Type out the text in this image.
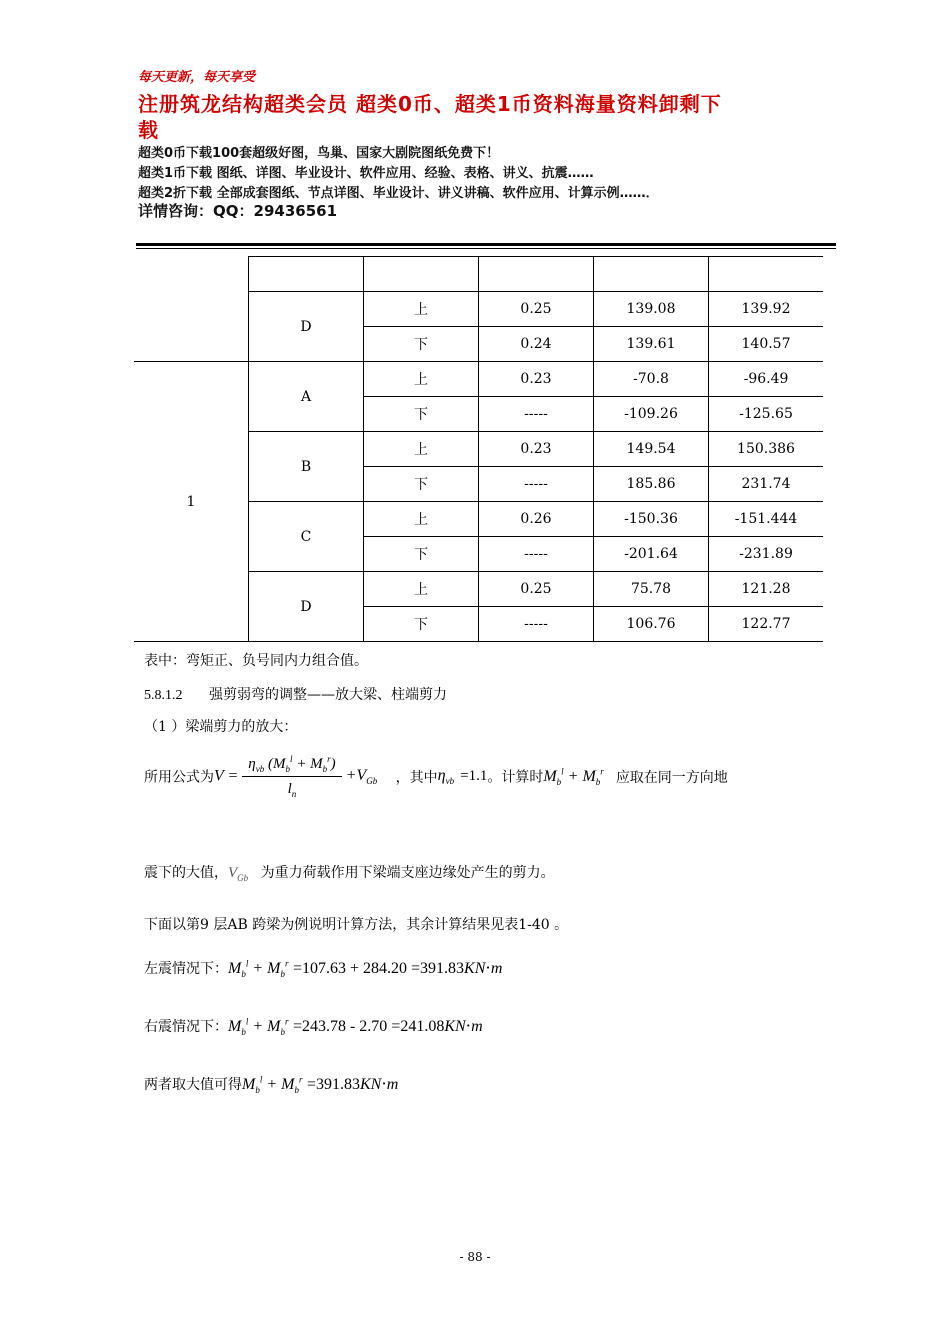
每天更新，每天享受
注册筑龙结构超类会员 超类0币、超类1币资料海量资料卸剩下
载
超类0币下载100套超级好图，鸟巢、国家大剧院图纸免费下！
超类1币下载 图纸、详图、毕业设计、软件应用、经验、表格、讲义、抗震……
超类2折下载 全部成套图纸、节点详图、毕业设计、讲义讲稿、软件应用、计算示例……．
详情咨询：QQ：29436561

	D	上	0.25	139.08	139.92
		下	0.24	139.61	140.57
1	A	上	0.23	-70.8	-96.49
		下	-----	-109.26	-125.65
	B	上	0.23	149.54	150.386
		下	-----	185.86	231.74
	C	上	0.26	-150.36	-151.444
		下	-----	-201.64	-231.89
	D	上	0.25	75.78	121.28
		下	-----	106.76	122.77
表中：弯矩正、负号同内力组合值。
5.8.1.2 强剪弱弯的调整——放大梁、柱端剪力
（1 ）梁端剪力的放大：
所用公式为$V = \frac{\eta_{vb} (M_b^l + M_b^r)}{l_n} +V_{Gb}$ ，其中$\eta_{vb} =1.1$。计算时$M_b^l + M_b^r$ 应取在同一方向地
震下的大值，$V_{Gb}$ 为重力荷载作用下梁端支座边缘处产生的剪力。
下面以第9 层AB 跨梁为例说明计算方法，其余计算结果见表1-40 。
左震情况下：$M_b^l + M_b^r =107.63 + 284.20 =391.83KN\cdot m$
右震情况下：$M_b^l + M_b^r =243.78 - 2.70 =241.08KN\cdot m$
两者取大值可得$M_b^l + M_b^r =391.83KN\cdot m$
- 88 -
